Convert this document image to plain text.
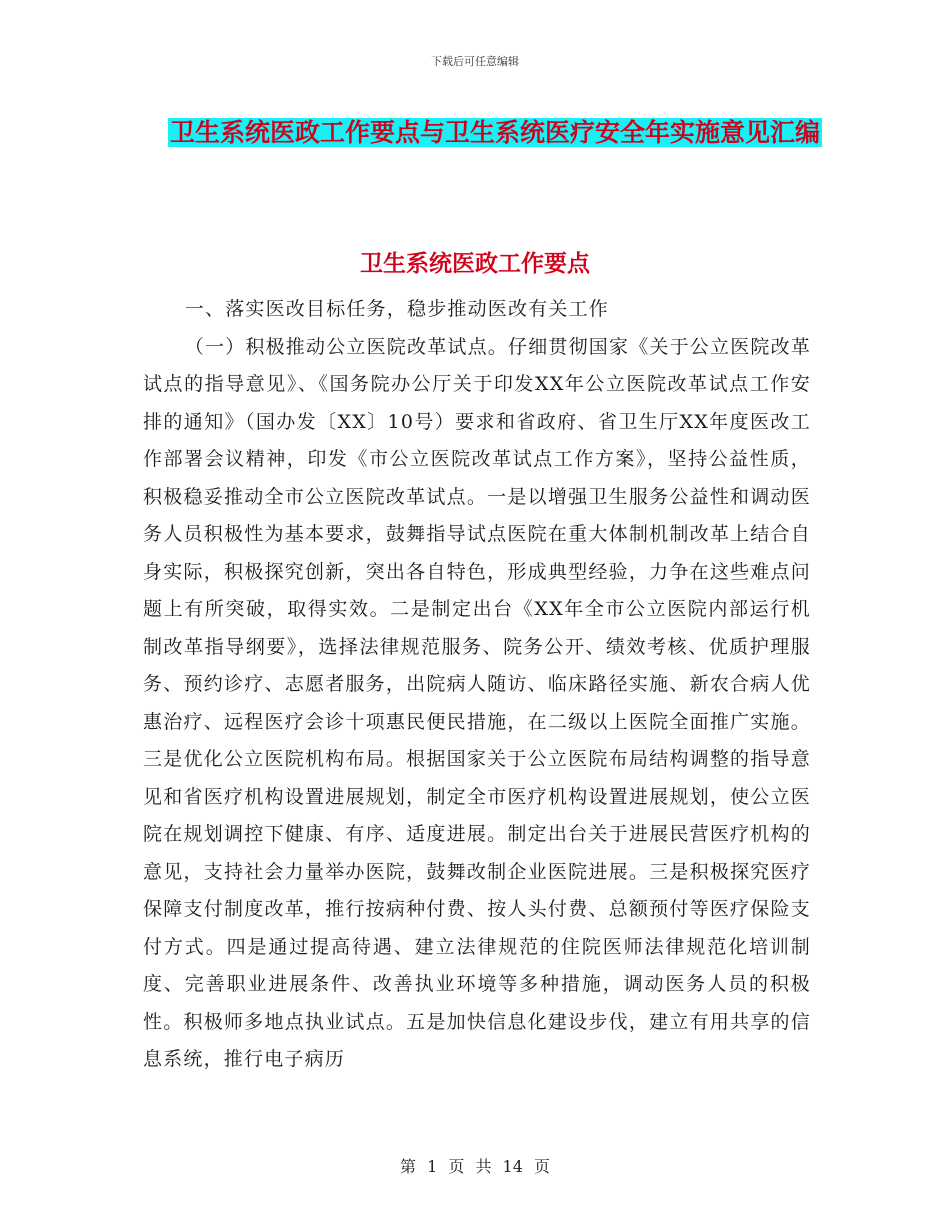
下载后可任意编辑
卫生系统医政工作要点与卫生系统医疗安全年实施意见汇编
卫生系统医政工作要点

一、落实医改目标任务，稳步推动医改有关工作

（一）积极推动公立医院改革试点。仔细贯彻国家《关于公立医院改革试点的指导意见》、《国务院办公厅关于印发XX年公立医院改革试点工作安排的通知》（国办发〔XX〕10号）要求和省政府、省卫生厅XX年度医改工作部署会议精神，印发《市公立医院改革试点工作方案》，坚持公益性质，积极稳妥推动全市公立医院改革试点。一是以增强卫生服务公益性和调动医务人员积极性为基本要求，鼓舞指导试点医院在重大体制机制改革上结合自身实际，积极探究创新，突出各自特色，形成典型经验，力争在这些难点问题上有所突破，取得实效。二是制定出台《XX年全市公立医院内部运行机制改革指导纲要》，选择法律规范服务、院务公开、绩效考核、优质护理服务、预约诊疗、志愿者服务，出院病人随访、临床路径实施、新农合病人优惠治疗、远程医疗会诊十项惠民便民措施，在二级以上医院全面推广实施。三是优化公立医院机构布局。根据国家关于公立医院布局结构调整的指导意见和省医疗机构设置进展规划，制定全市医疗机构设置进展规划，使公立医院在规划调控下健康、有序、适度进展。制定出台关于进展民营医疗机构的意见，支持社会力量举办医院，鼓舞改制企业医院进展。三是积极探究医疗保障支付制度改革，推行按病种付费、按人头付费、总额预付等医疗保险支付方式。四是通过提高待遇、建立法律规范的住院医师法律规范化培训制度、完善职业进展条件、改善执业环境等多种措施，调动医务人员的积极性。积极师多地点执业试点。五是加快信息化建设步伐，建立有用共享的信息系统，推行电子病历

第 1 页 共 14 页
